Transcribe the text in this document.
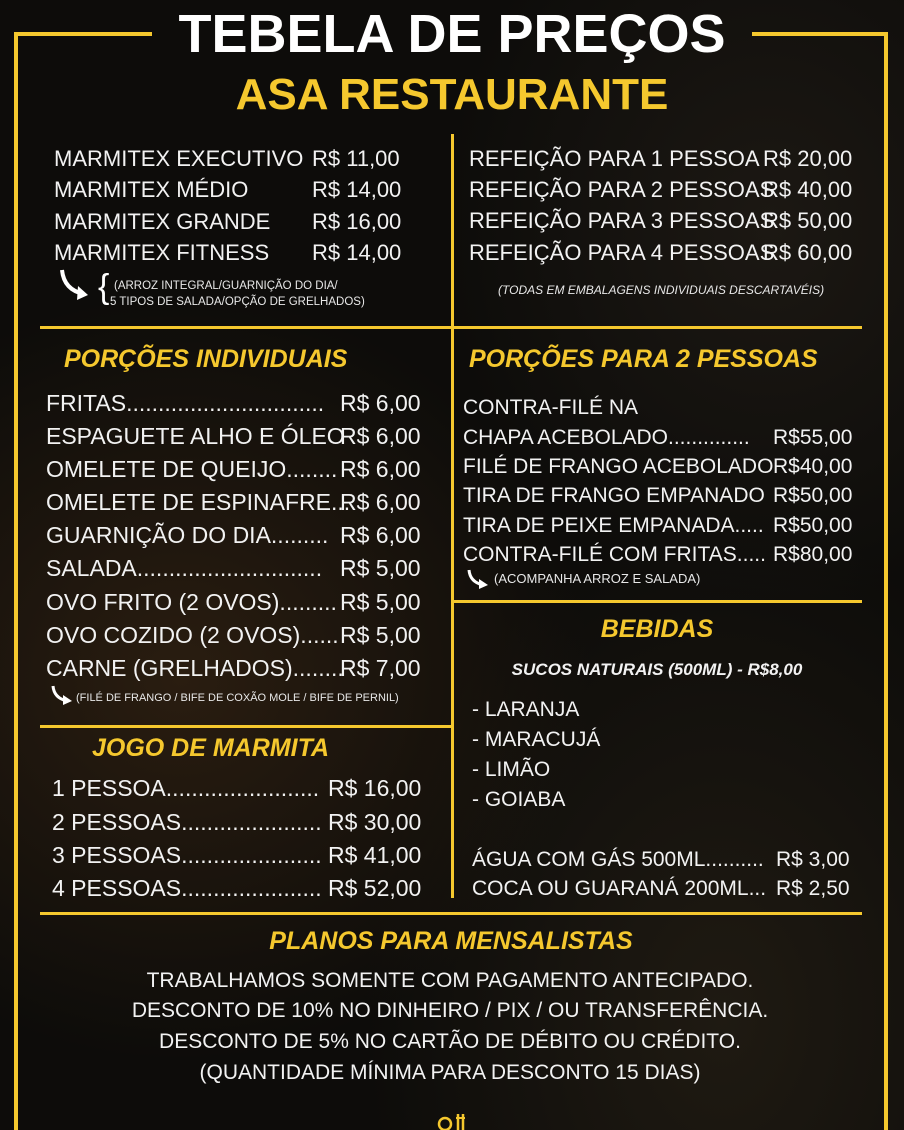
TEBELA DE PREÇOS
ASA RESTAURANTE
MARMITEX EXECUTIVO R$ 11,00
MARMITEX MÉDIO	R$ 14,00
MARMITEX GRANDE R$ 16,00
MARMITEX FITNESS R$ 14,00
{ (ARROZ INTEGRAL/GUARNIÇÃO DO DIA/
5 TIPOS DE SALADA/OPÇÃO DE GRELHADOS)
REFEIÇÃO PARA 1 PESSOA R$ 20,00
REFEIÇÃO PARA 2 PESSOAS
R$ 40,00
REFEIÇÃO PARA 3 PESSOAS
R$ 50,00
REFEIÇÃO PARA 4 PESSOAS
R$ 60,00
(TODAS EM EMBALAGENS INDIVIDUAIS DESCARTAVÉIS)
PORÇÕES INDIVIDUAIS
FRITAS............................... R$ 6,00
ESPAGUETE ALHO E ÓLEO
R$ 6,00
OMELETE DE QUEIJO........ R$ 6,00
OMELETE DE ESPINAFRE...
R$ 6,00
GUARNIÇÃO DO DIA......... R$ 6,00
SALADA............................. R$ 5,00
OVO FRITO (2 OVOS)......... R$ 5,00
OVO COZIDO (2 OVOS)...... R$ 5,00
CARNE (GRELHADOS)........
R$ 7,00
(FILÉ DE FRANGO / BIFE DE COXÃO MOLE / BIFE DE PERNIL)
JOGO DE MARMITA
1 PESSOA........................ R$ 16,00
2 PESSOAS...................... R$ 30,00
3 PESSOAS...................... R$ 41,00
4 PESSOAS...................... R$ 52,00
PORÇÕES PARA 2 PESSOAS
CONTRA-FILÉ NA
CHAPA ACEBOLADO.............. R$55,00
FILÉ DE FRANGO ACEBOLADO R$40,00
TIRA DE FRANGO EMPANADO R$50,00
TIRA DE PEIXE EMPANADA..... R$50,00
CONTRA-FILÉ COM FRITAS..... R$80,00
(ACOMPANHA ARROZ E SALADA)
BEBIDAS
SUCOS NATURAIS (500ML) - R$8,00
- LARANJA
- MARACUJÁ
- LIMÃO
- GOIABA
ÁGUA COM GÁS 500ML.......... R$ 3,00
COCA OU GUARANÁ 200ML... R$ 2,50
PLANOS PARA MENSALISTAS
TRABALHAMOS SOMENTE COM PAGAMENTO ANTECIPADO.
DESCONTO DE 10% NO DINHEIRO / PIX / OU TRANSFERÊNCIA.
DESCONTO DE 5% NO CARTÃO DE DÉBITO OU CRÉDITO.
(QUANTIDADE MÍNIMA PARA DESCONTO 15 DIAS)
